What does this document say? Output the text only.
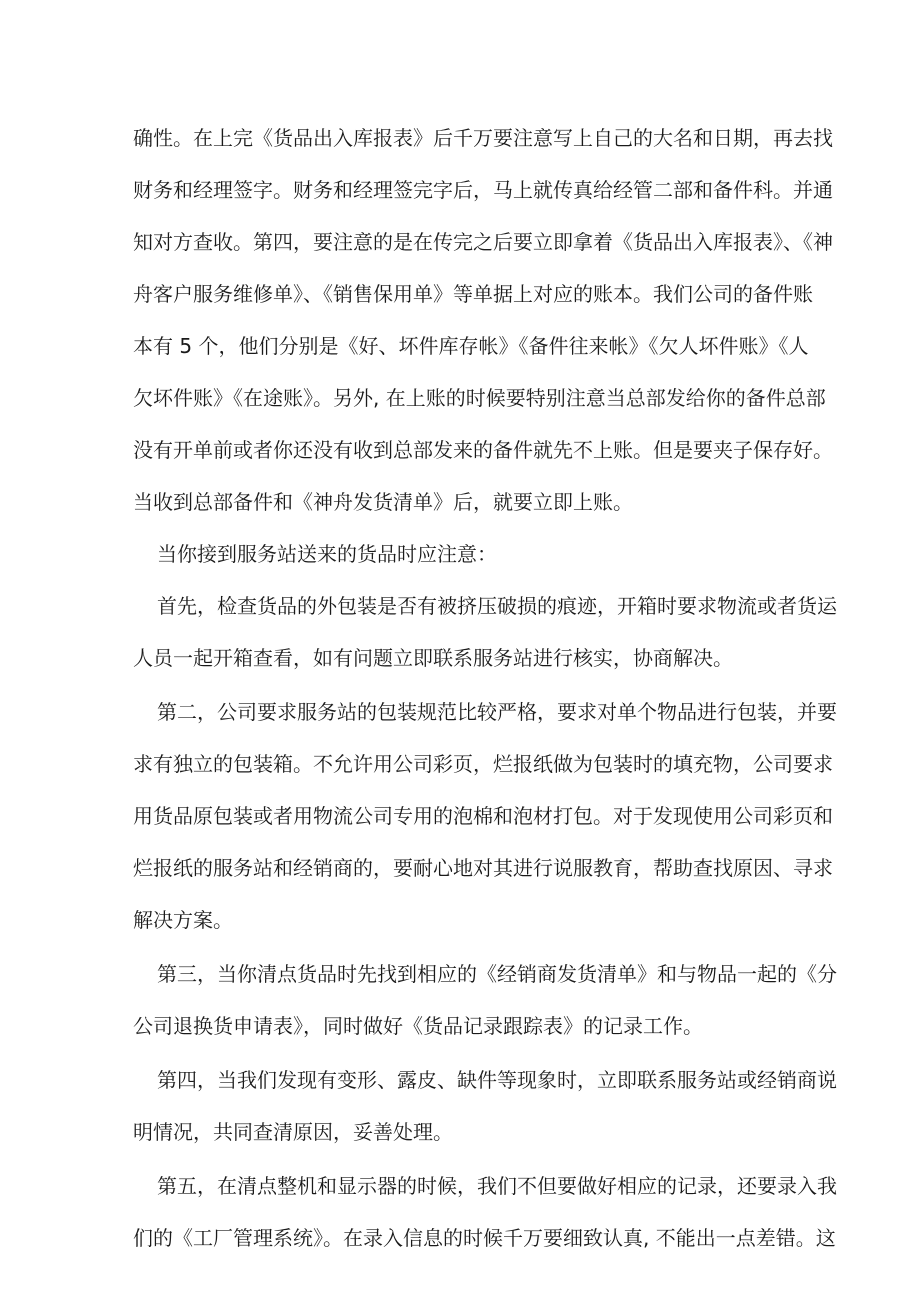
确性。在上完《货品出入库报表》后千万要注意写上自己的大名和日期，再去找
财务和经理签字。财务和经理签完字后，马上就传真给经管二部和备件科。并通
知对方查收。第四，要注意的是在传完之后要立即拿着《货品出入库报表》、《神
舟客户服务维修单》、《销售保用单》等单据上对应的账本。我们公司的备件账
本有 5 个，他们分别是《好、坏件库存帐》《备件往来帐》《欠人坏件账》《人
欠坏件账》《在途账》。另外, 在上账的时候要特别注意当总部发给你的备件总部
没有开单前或者你还没有收到总部发来的备件就先不上账。但是要夹子保存好。
当收到总部备件和《神舟发货清单》后，就要立即上账。
当你接到服务站送来的货品时应注意：
首先，检查货品的外包装是否有被挤压破损的痕迹，开箱时要求物流或者货运
人员一起开箱查看，如有问题立即联系服务站进行核实，协商解决。
第二，公司要求服务站的包装规范比较严格，要求对单个物品进行包装，并要
求有独立的包装箱。不允许用公司彩页，烂报纸做为包装时的填充物，公司要求
用货品原包装或者用物流公司专用的泡棉和泡材打包。对于发现使用公司彩页和
烂报纸的服务站和经销商的，要耐心地对其进行说服教育，帮助查找原因、寻求
解决方案。
第三，当你清点货品时先找到相应的《经销商发货清单》和与物品一起的《分
公司退换货申请表》，同时做好《货品记录跟踪表》的记录工作。
第四，当我们发现有变形、露皮、缺件等现象时，立即联系服务站或经销商说
明情况，共同查清原因，妥善处理。
第五，在清点整机和显示器的时候，我们不但要做好相应的记录，还要录入我
们的《工厂管理系统》。在录入信息的时候千万要细致认真, 不能出一点差错。这
